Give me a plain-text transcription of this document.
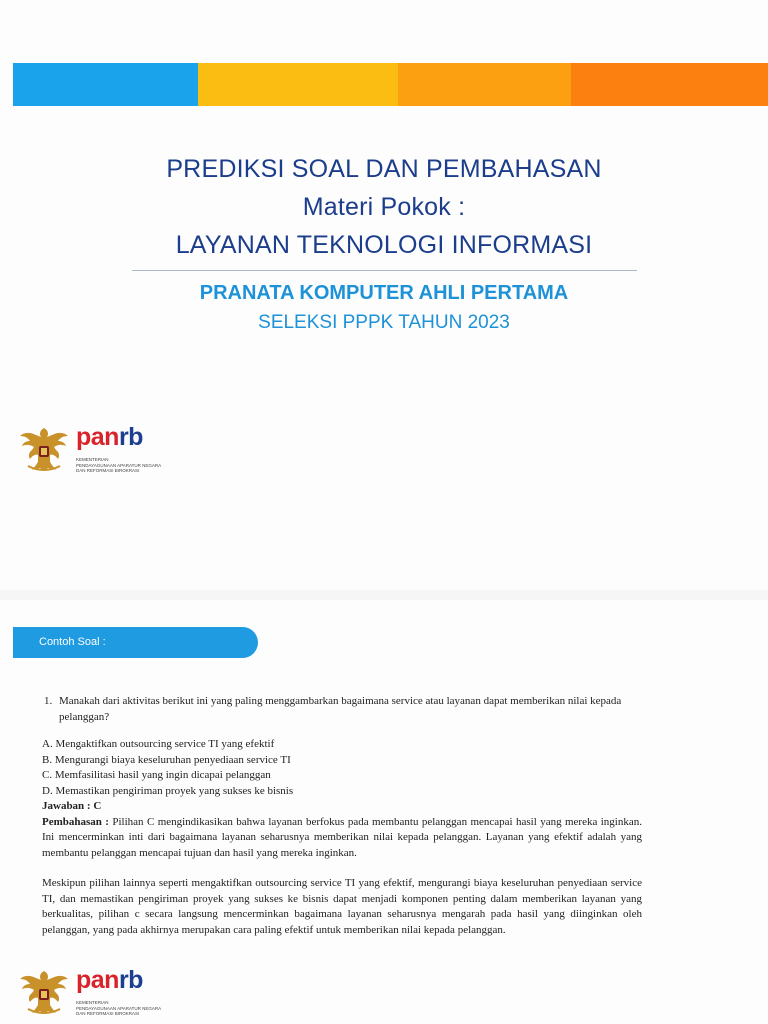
PREDIKSI SOAL DAN PEMBAHASAN
Materi Pokok :
LAYANAN TEKNOLOGI INFORMASI
PRANATA KOMPUTER AHLI PERTAMA
SELEKSI PPPK TAHUN 2023
panrb
KEMENTERIAN
PENDAYAGUNAAN APARATUR NEGARA
DAN REFORMASI BIROKRASI
Contoh Soal :
1. Manakah dari aktivitas berikut ini yang paling menggambarkan bagaimana service atau layanan dapat memberikan nilai kepada pelanggan?
A. Mengaktifkan outsourcing service TI yang efektif
B. Mengurangi biaya keseluruhan penyediaan service TI
C. Memfasilitasi hasil yang ingin dicapai pelanggan
D. Memastikan pengiriman proyek yang sukses ke bisnis
Jawaban : C
Pembahasan : Pilihan C mengindikasikan bahwa layanan berfokus pada membantu pelanggan mencapai hasil yang mereka inginkan. Ini mencerminkan inti dari bagaimana layanan seharusnya memberikan nilai kepada pelanggan. Layanan yang efektif adalah yang membantu pelanggan mencapai tujuan dan hasil yang mereka inginkan.
Meskipun pilihan lainnya seperti mengaktifkan outsourcing service TI yang efektif, mengurangi biaya keseluruhan penyediaan service TI, dan memastikan pengiriman proyek yang sukses ke bisnis dapat menjadi komponen penting dalam memberikan layanan yang berkualitas, pilihan c secara langsung mencerminkan bagaimana layanan seharusnya mengarah pada hasil yang diinginkan oleh pelanggan, yang pada akhirnya merupakan cara paling efektif untuk memberikan nilai kepada pelanggan.
panrb
KEMENTERIAN
PENDAYAGUNAAN APARATUR NEGARA
DAN REFORMASI BIROKRASI
